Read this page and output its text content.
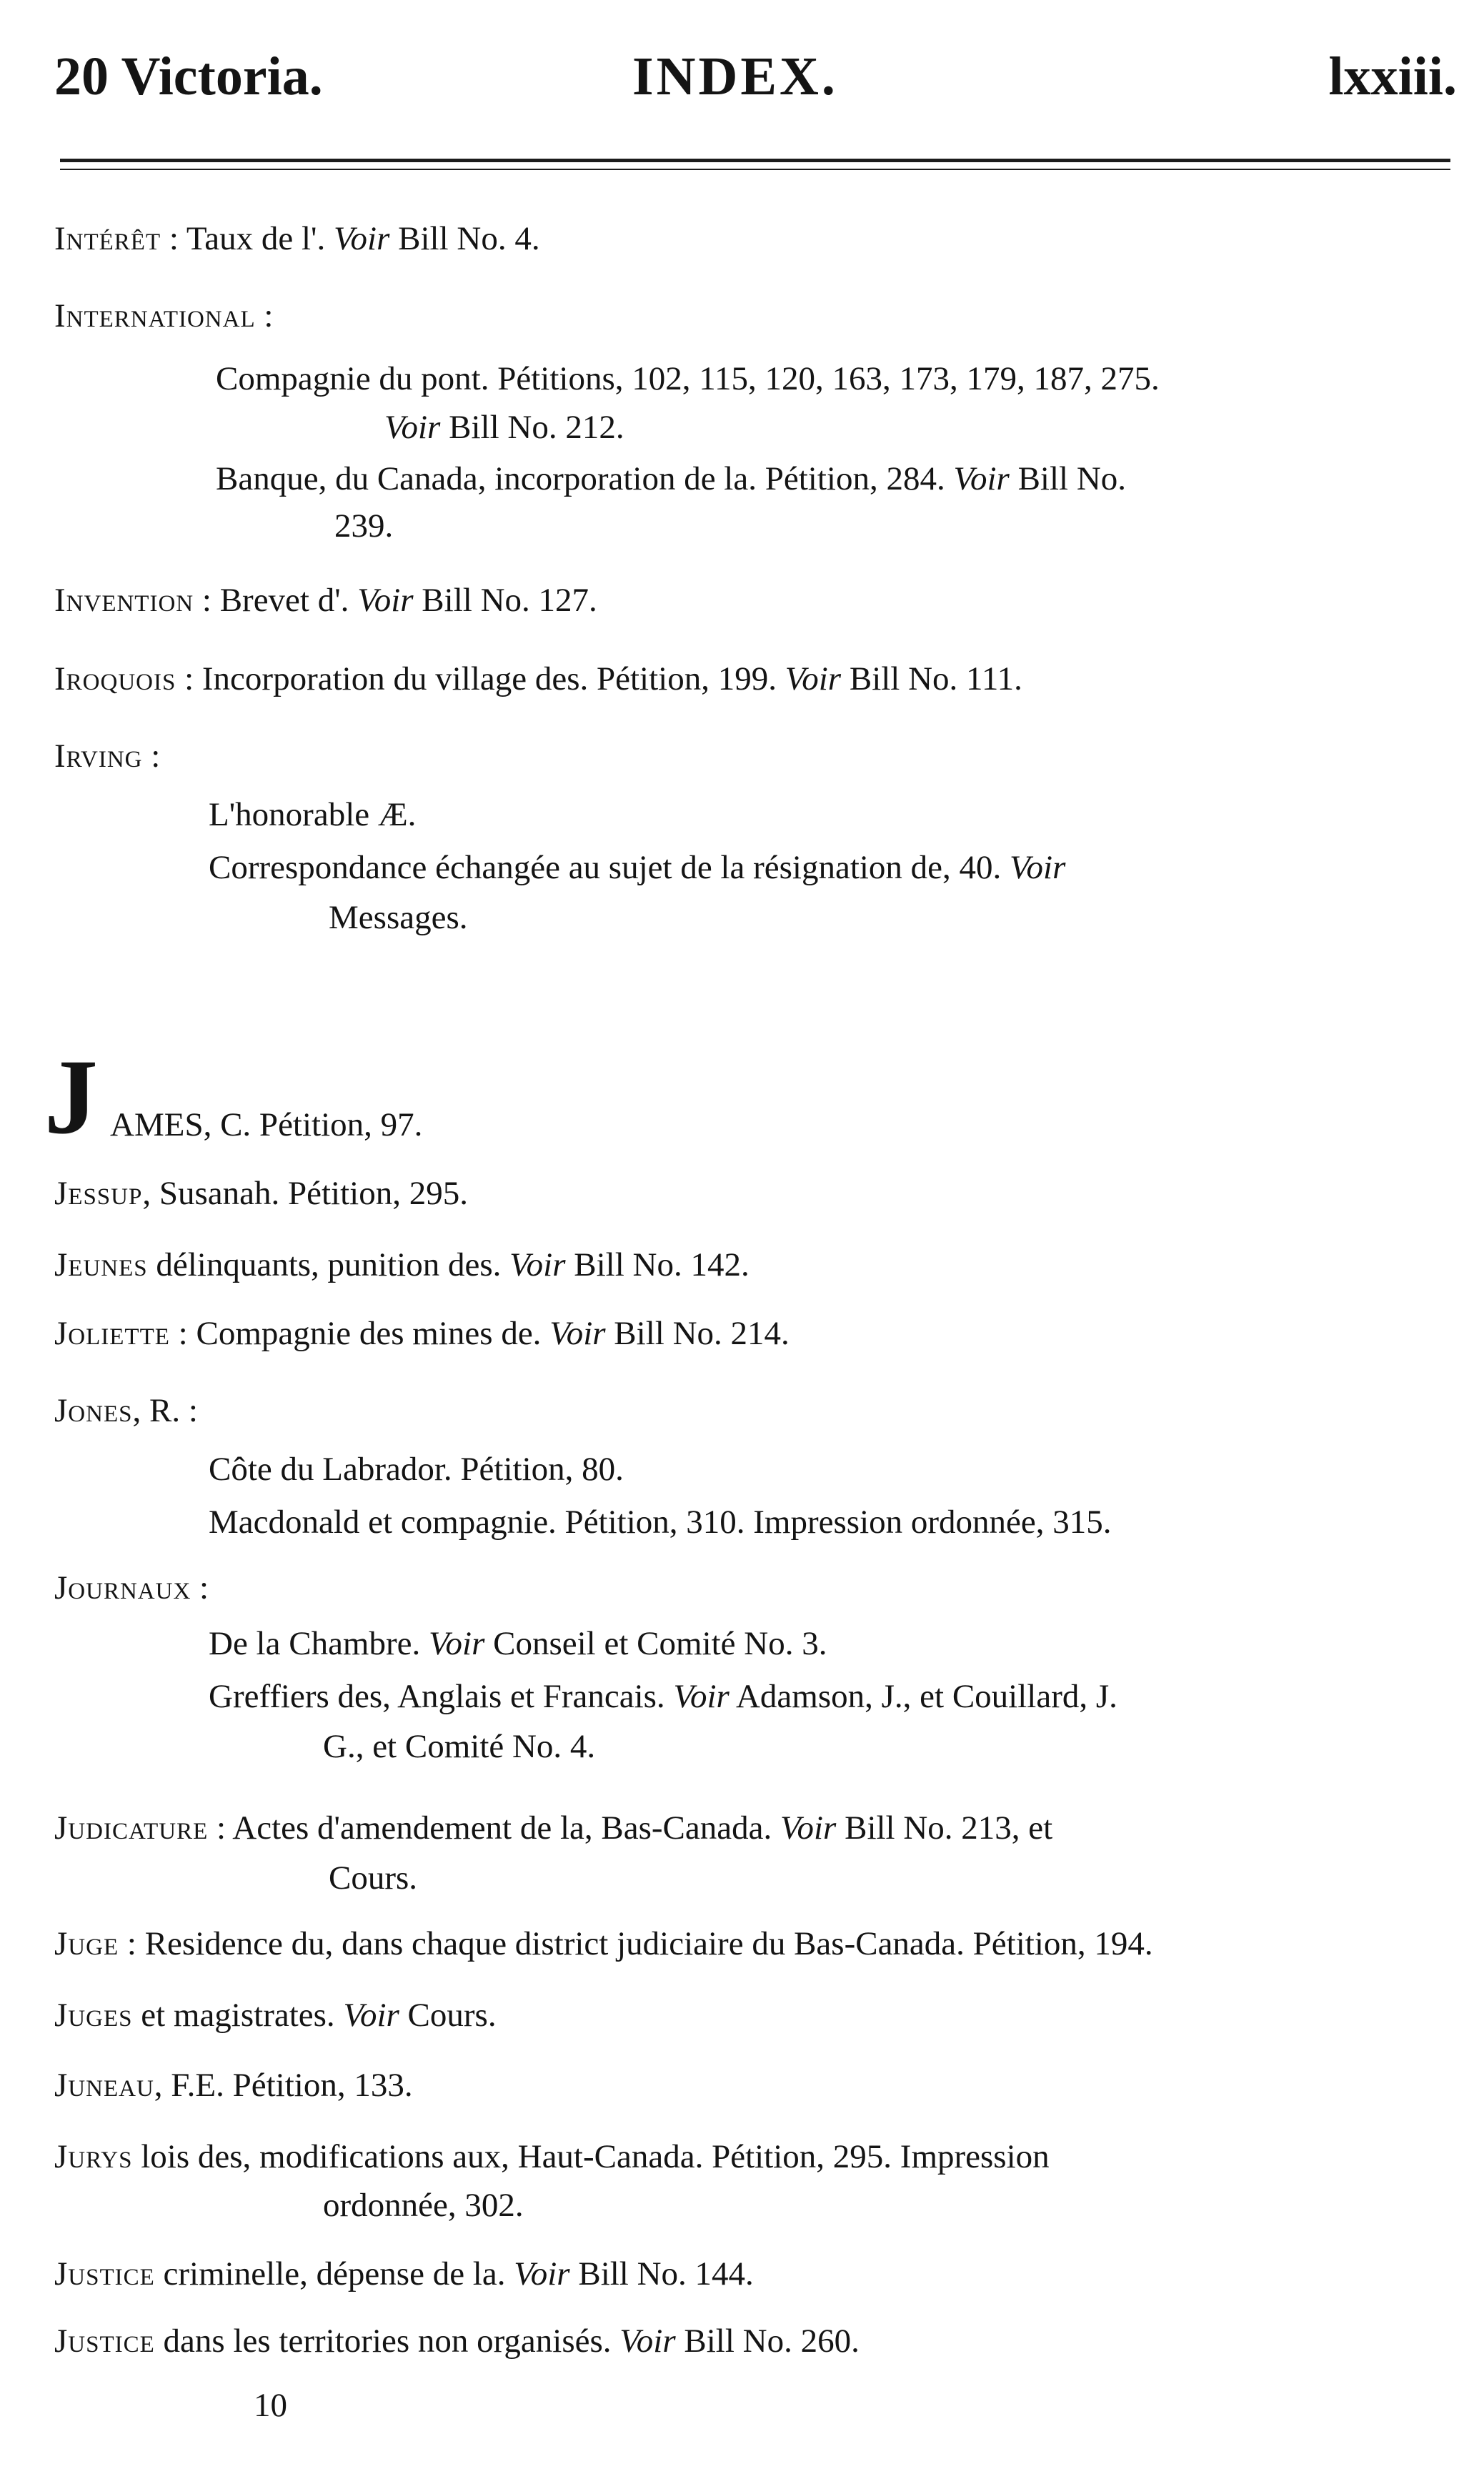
20 Victoria.	INDEX.	lxxiii.
Intérêt : Taux de l'. Voir Bill No. 4.
International :
Compagnie du pont. Pétitions, 102, 115, 120, 163, 173, 179, 187, 275.
Voir Bill No. 212.
Banque, du Canada, incorporation de la. Pétition, 284. Voir Bill No.
239.
Invention : Brevet d'. Voir Bill No. 127.
Iroquois : Incorporation du village des. Pétition, 199. Voir Bill No. 111.
Irving :
L'honorable Æ.
Correspondance échangée au sujet de la résignation de, 40. Voir
Messages.
J AMES, C. Pétition, 97.
Jessup, Susanah. Pétition, 295.
Jeunes délinquants, punition des. Voir Bill No. 142.
Joliette : Compagnie des mines de. Voir Bill No. 214.
Jones, R. :
Côte du Labrador. Pétition, 80.
Macdonald et compagnie. Pétition, 310. Impression ordonnée, 315.
Journaux :
De la Chambre. Voir Conseil et Comité No. 3.
Greffiers des, Anglais et Francais. Voir Adamson, J., et Couillard, J.
G., et Comité No. 4.
Judicature : Actes d'amendement de la, Bas-Canada. Voir Bill No. 213, et
Cours.
Juge : Residence du, dans chaque district judiciaire du Bas-Canada. Pétition, 194.
Juges et magistrates. Voir Cours.
Juneau, F.E. Pétition, 133.
Jurys lois des, modifications aux, Haut-Canada. Pétition, 295. Impression
ordonnée, 302.
Justice criminelle, dépense de la. Voir Bill No. 144.
Justice dans les territories non organisés. Voir Bill No. 260.
10
